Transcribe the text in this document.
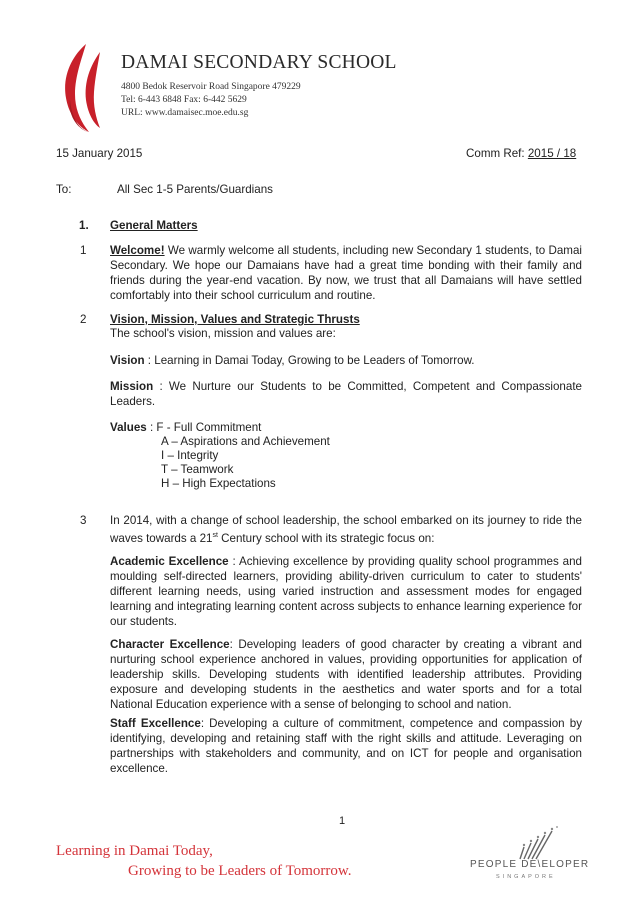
DAMAI SECONDARY SCHOOL
4800 Bedok Reservoir Road Singapore 479229
Tel: 6-443 6848 Fax: 6-442 5629
URL: www.damaisec.moe.edu.sg
15 January 2015	Comm Ref: 2015 / 18
To:	All Sec 1-5 Parents/Guardians
1. General Matters
1 Welcome! We warmly welcome all students, including new Secondary 1 students, to Damai Secondary. We hope our Damaians have had a great time bonding with their family and friends during the year-end vacation. By now, we trust that all Damaians will have settled comfortably into their school curriculum and routine.
2 Vision, Mission, Values and Strategic Thrusts
The school's vision, mission and values are:
Vision : Learning in Damai Today, Growing to be Leaders of Tomorrow.
Mission : We Nurture our Students to be Committed, Competent and Compassionate Leaders.
Values : F - Full Commitment
A – Aspirations and Achievement
I – Integrity
T – Teamwork
H – High Expectations
3 In 2014, with a change of school leadership, the school embarked on its journey to ride the waves towards a 21st Century school with its strategic focus on:
Academic Excellence : Achieving excellence by providing quality school programmes and moulding self-directed learners, providing ability-driven curriculum to cater to students' different learning needs, using varied instruction and assessment modes for engaged learning and integrating learning content across subjects to enhance learning experience for our students.
Character Excellence: Developing leaders of good character by creating a vibrant and nurturing school experience anchored in values, providing opportunities for application of leadership skills. Developing students with identified leadership attributes. Providing exposure and developing students in the aesthetics and water sports and for a total National Education experience with a sense of belonging to school and nation.
Staff Excellence: Developing a culture of commitment, competence and compassion by identifying, developing and retaining staff with the right skills and attitude. Leveraging on partnerships with stakeholders and community, and on ICT for people and organisation excellence.
1
Learning in Damai Today,
Growing to be Leaders of Tomorrow.	PEOPLE DE\ELOPER
SINGAPORE
